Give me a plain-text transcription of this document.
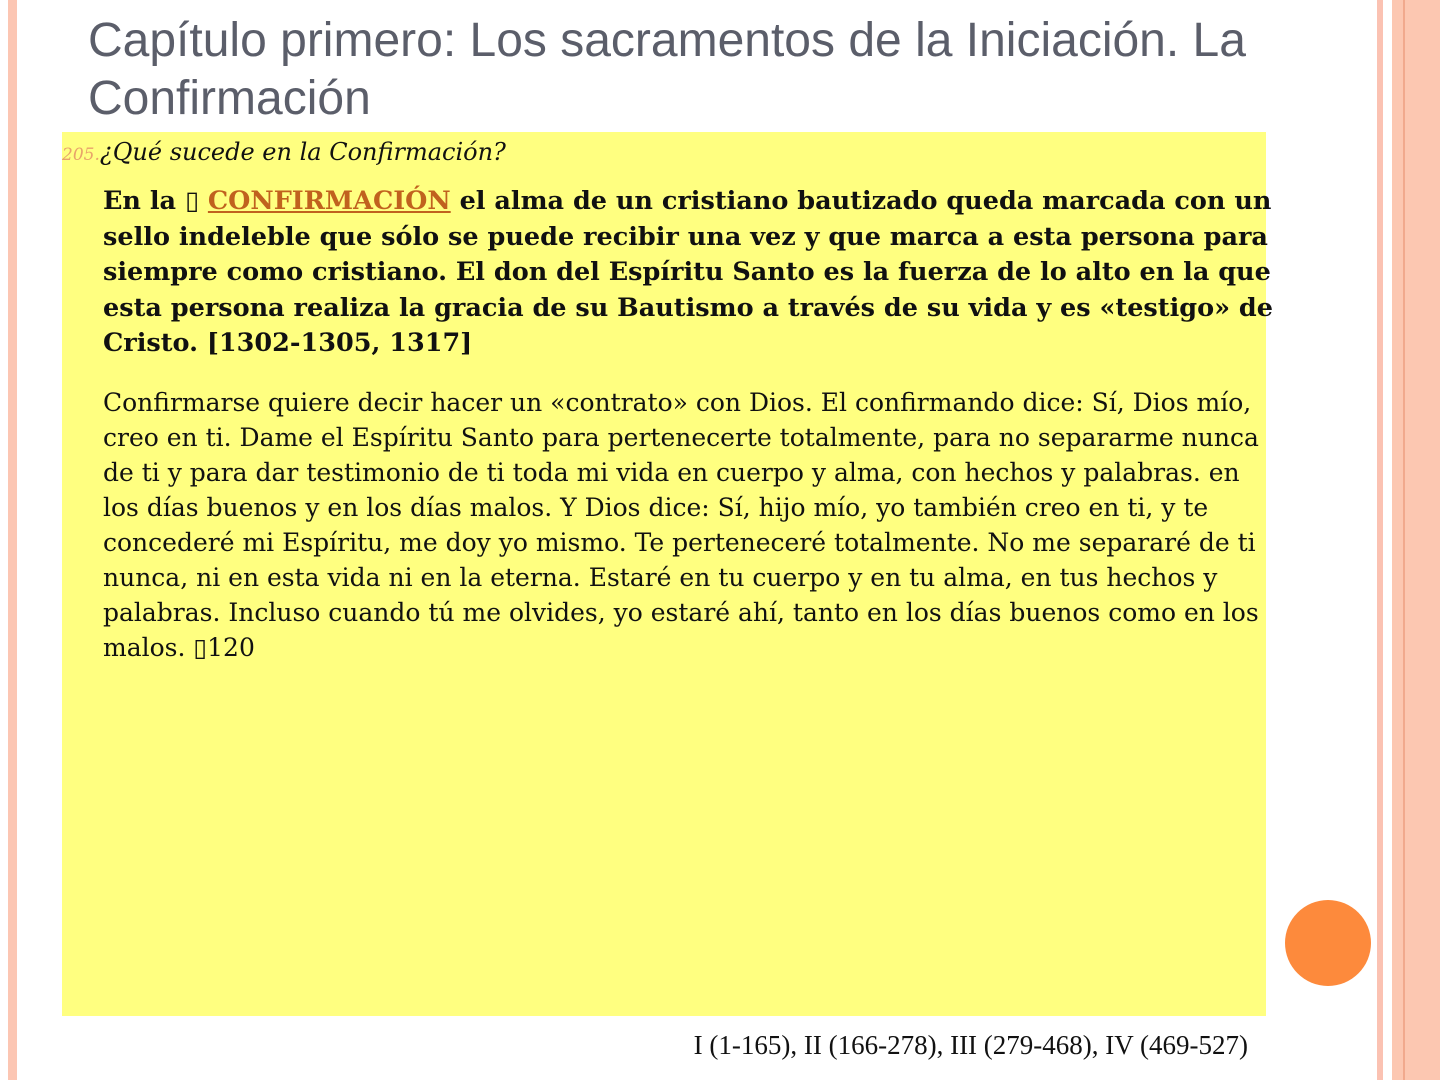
Capítulo primero: Los sacramentos de la Iniciación. La Confirmación
205.¿Qué sucede en la Confirmación?
En la ▯ CONFIRMACIÓN el alma de un cristiano bautizado queda marcada con un sello indeleble que sólo se puede recibir una vez y que marca a esta persona para siempre como cristiano. El don del Espíritu Santo es la fuerza de lo alto en la que esta persona realiza la gracia de su Bautismo a través de su vida y es «testigo» de Cristo. [1302-1305, 1317]
Confirmarse quiere decir hacer un «contrato» con Dios. El confirmando dice: Sí, Dios mío, creo en ti. Dame el Espíritu Santo para pertenecerte totalmente, para no separarme nunca de ti y para dar testimonio de ti toda mi vida en cuerpo y alma, con hechos y palabras. en los días buenos y en los días malos. Y Dios dice: Sí, hijo mío, yo también creo en ti, y te concederé mi Espíritu, me doy yo mismo. Te perteneceré totalmente. No me separaré de ti nunca, ni en esta vida ni en la eterna. Estaré en tu cuerpo y en tu alma, en tus hechos y palabras. Incluso cuando tú me olvides, yo estaré ahí, tanto en los días buenos como en los malos. ▯120
I (1-165), II (166-278), III (279-468), IV (469-527)
